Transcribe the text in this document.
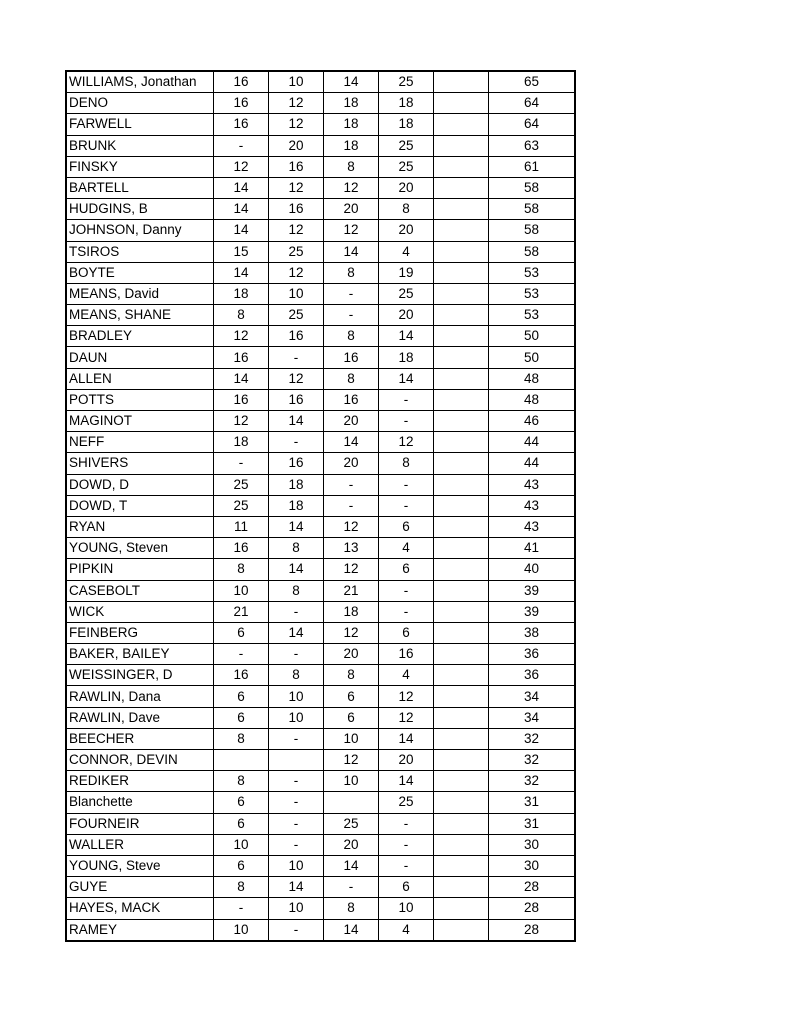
WILLIAMS, Jonathan	16	10	14	25		65
DENO	16	12	18	18		64
FARWELL	16	12	18	18		64
BRUNK	-	20	18	25		63
FINSKY	12	16	8	25		61
BARTELL	14	12	12	20		58
HUDGINS, B	14	16	20	8		58
JOHNSON, Danny	14	12	12	20		58
TSIROS	15	25	14	4		58
BOYTE	14	12	8	19		53
MEANS, David	18	10	-	25		53
MEANS, SHANE	8	25	-	20		53
BRADLEY	12	16	8	14		50
DAUN	16	-	16	18		50
ALLEN	14	12	8	14		48
POTTS	16	16	16	-		48
MAGINOT	12	14	20	-		46
NEFF	18	-	14	12		44
SHIVERS	-	16	20	8		44
DOWD, D	25	18	-	-		43
DOWD, T	25	18	-	-		43
RYAN	11	14	12	6		43
YOUNG, Steven	16	8	13	4		41
PIPKIN	8	14	12	6		40
CASEBOLT	10	8	21	-		39
WICK	21	-	18	-		39
FEINBERG	6	14	12	6		38
BAKER, BAILEY	-	-	20	16		36
WEISSINGER, D	16	8	8	4		36
RAWLIN, Dana	6	10	6	12		34
RAWLIN, Dave	6	10	6	12		34
BEECHER	8	-	10	14		32
CONNOR, DEVIN			12	20		32
REDIKER	8	-	10	14		32
Blanchette	6	-		25		31
FOURNEIR	6	-	25	-		31
WALLER	10	-	20	-		30
YOUNG, Steve	6	10	14	-		30
GUYE	8	14	-	6		28
HAYES, MACK	-	10	8	10		28
RAMEY	10	-	14	4		28
